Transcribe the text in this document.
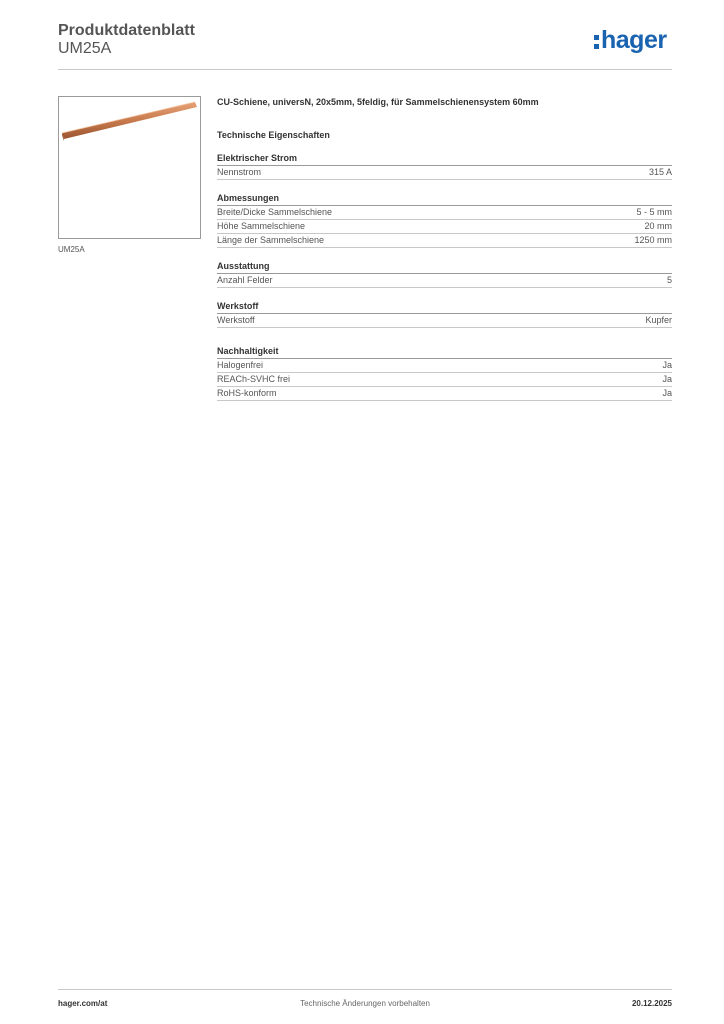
Produktdatenblatt
UM25A	hager
UM25A
CU-Schiene, universN, 20x5mm, 5feldig, für Sammelschienensystem 60mm
Technische Eigenschaften
Elektrischer Strom
Nennstrom	315 A
Abmessungen
Breite/Dicke Sammelschiene	5 - 5 mm
Höhe Sammelschiene	20 mm
Länge der Sammelschiene	1250 mm
Ausstattung
Anzahl Felder	5
Werkstoff
Werkstoff	Kupfer
Nachhaltigkeit
Halogenfrei	Ja
REACh-SVHC frei	Ja
RoHS-konform	Ja
hager.com/at	Technische Änderungen vorbehalten	20.12.2025
